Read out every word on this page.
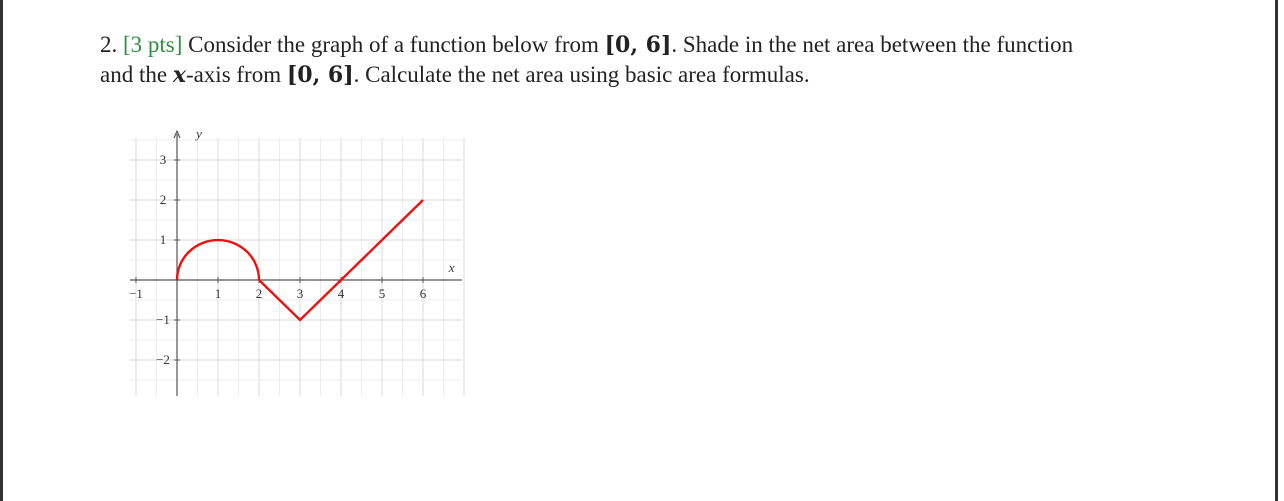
2. [3 pts] Consider the graph of a function below from [0, 6]. Shade in the net area between the function
and the x-axis from [0, 6]. Calculate the net area using basic area formulas.
−1	1	2	3	4	5	6
3
2
1
−1
−2
y
x
